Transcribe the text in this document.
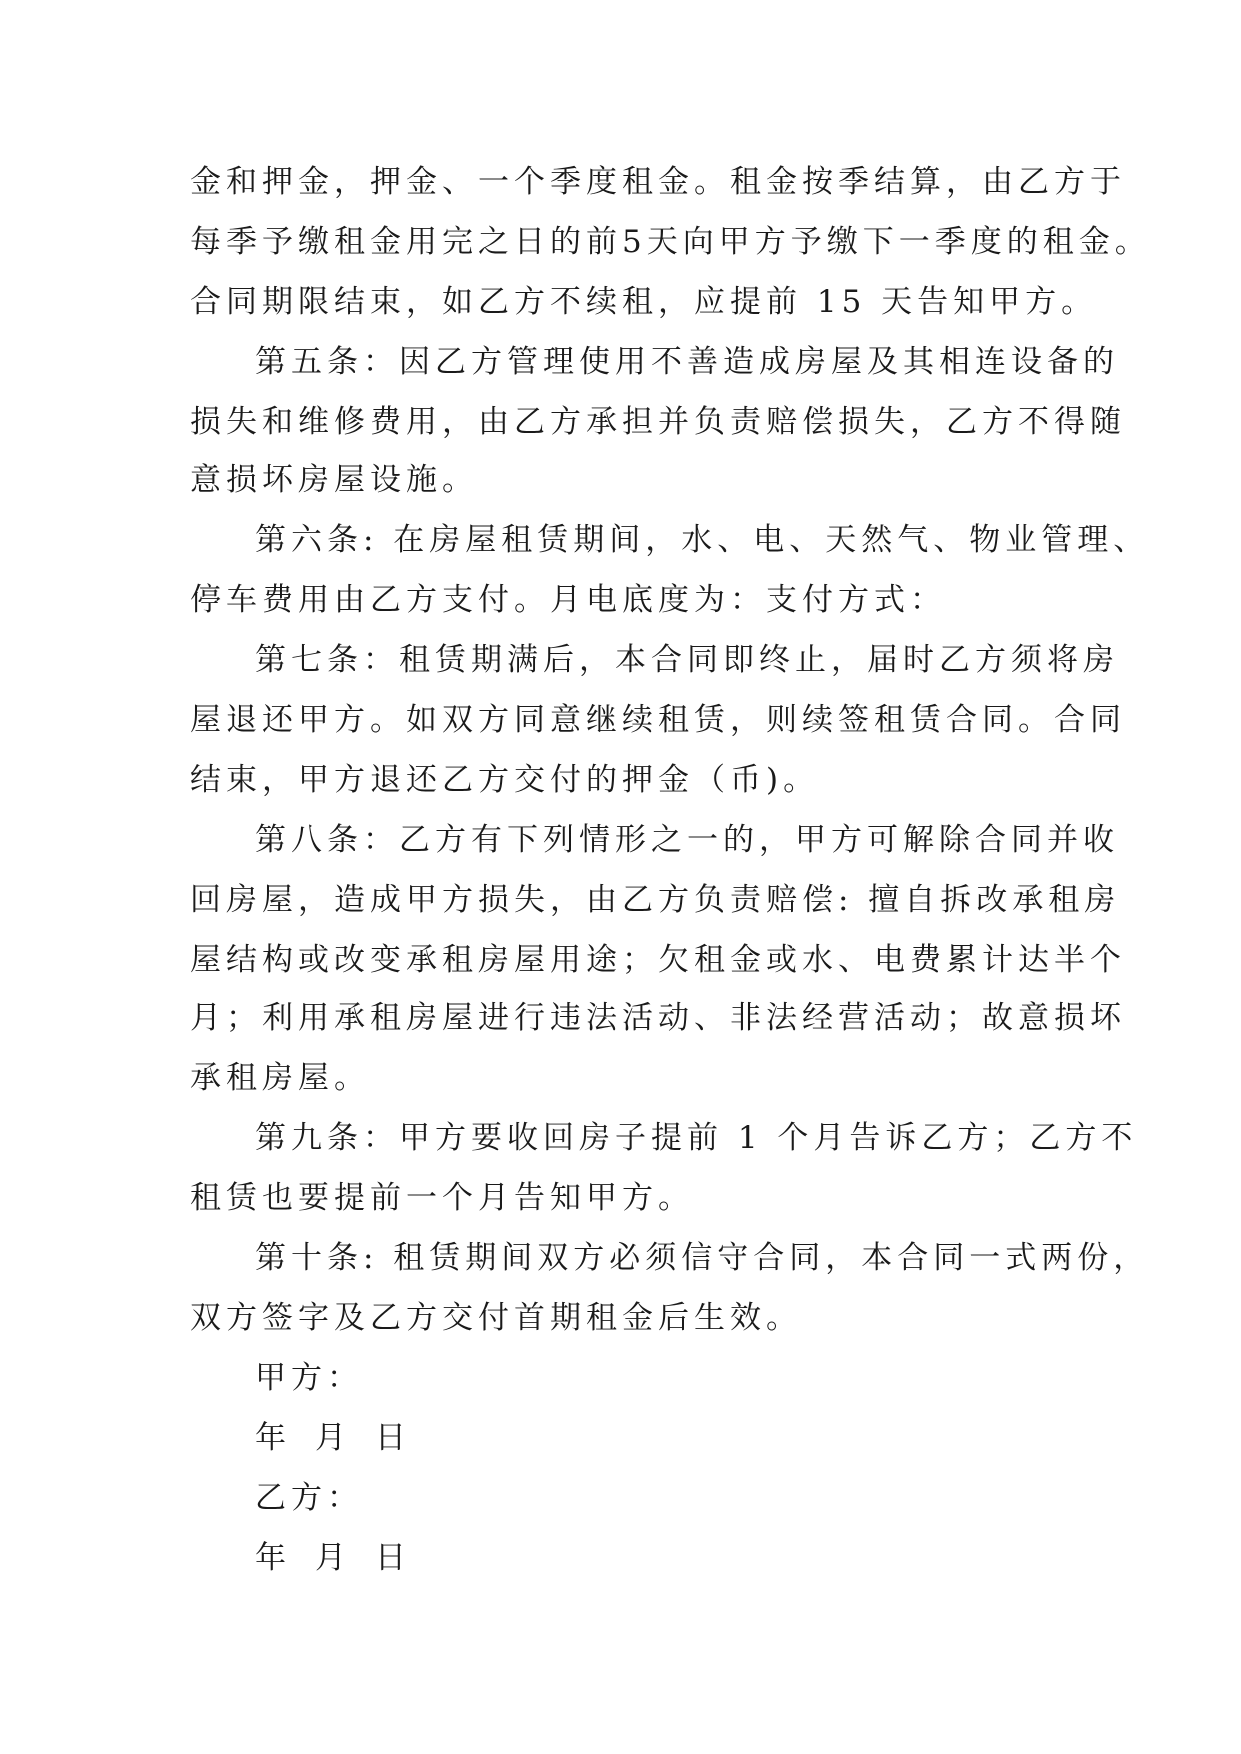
金和押金，押金、一个季度租金。租金按季结算，由乙方于
每季予缴租金用完之日的前5天向甲方予缴下一季度的租金。
合同期限结束，如乙方不续租，应提前 15 天告知甲方。
第五条：因乙方管理使用不善造成房屋及其相连设备的
损失和维修费用，由乙方承担并负责赔偿损失，乙方不得随
意损坏房屋设施。
第六条: 在房屋租赁期间，水、电、天然气、物业管理、
停车费用由乙方支付。月电底度为：支付方式：
第七条：租赁期满后，本合同即终止，届时乙方须将房
屋退还甲方。如双方同意继续租赁，则续签租赁合同。合同
结束，甲方退还乙方交付的押金（币)。
第八条：乙方有下列情形之一的，甲方可解除合同并收
回房屋，造成甲方损失，由乙方负责赔偿: 擅自拆改承租房
屋结构或改变承租房屋用途；欠租金或水、电费累计达半个
月；利用承租房屋进行违法活动、非法经营活动；故意损坏
承租房屋。
第九条：甲方要收回房子提前 1 个月告诉乙方；乙方不
租赁也要提前一个月告知甲方。
第十条: 租赁期间双方必须信守合同，本合同一式两份，
双方签字及乙方交付首期租金后生效。
甲方：
年 月 日
乙方：
年 月 日
